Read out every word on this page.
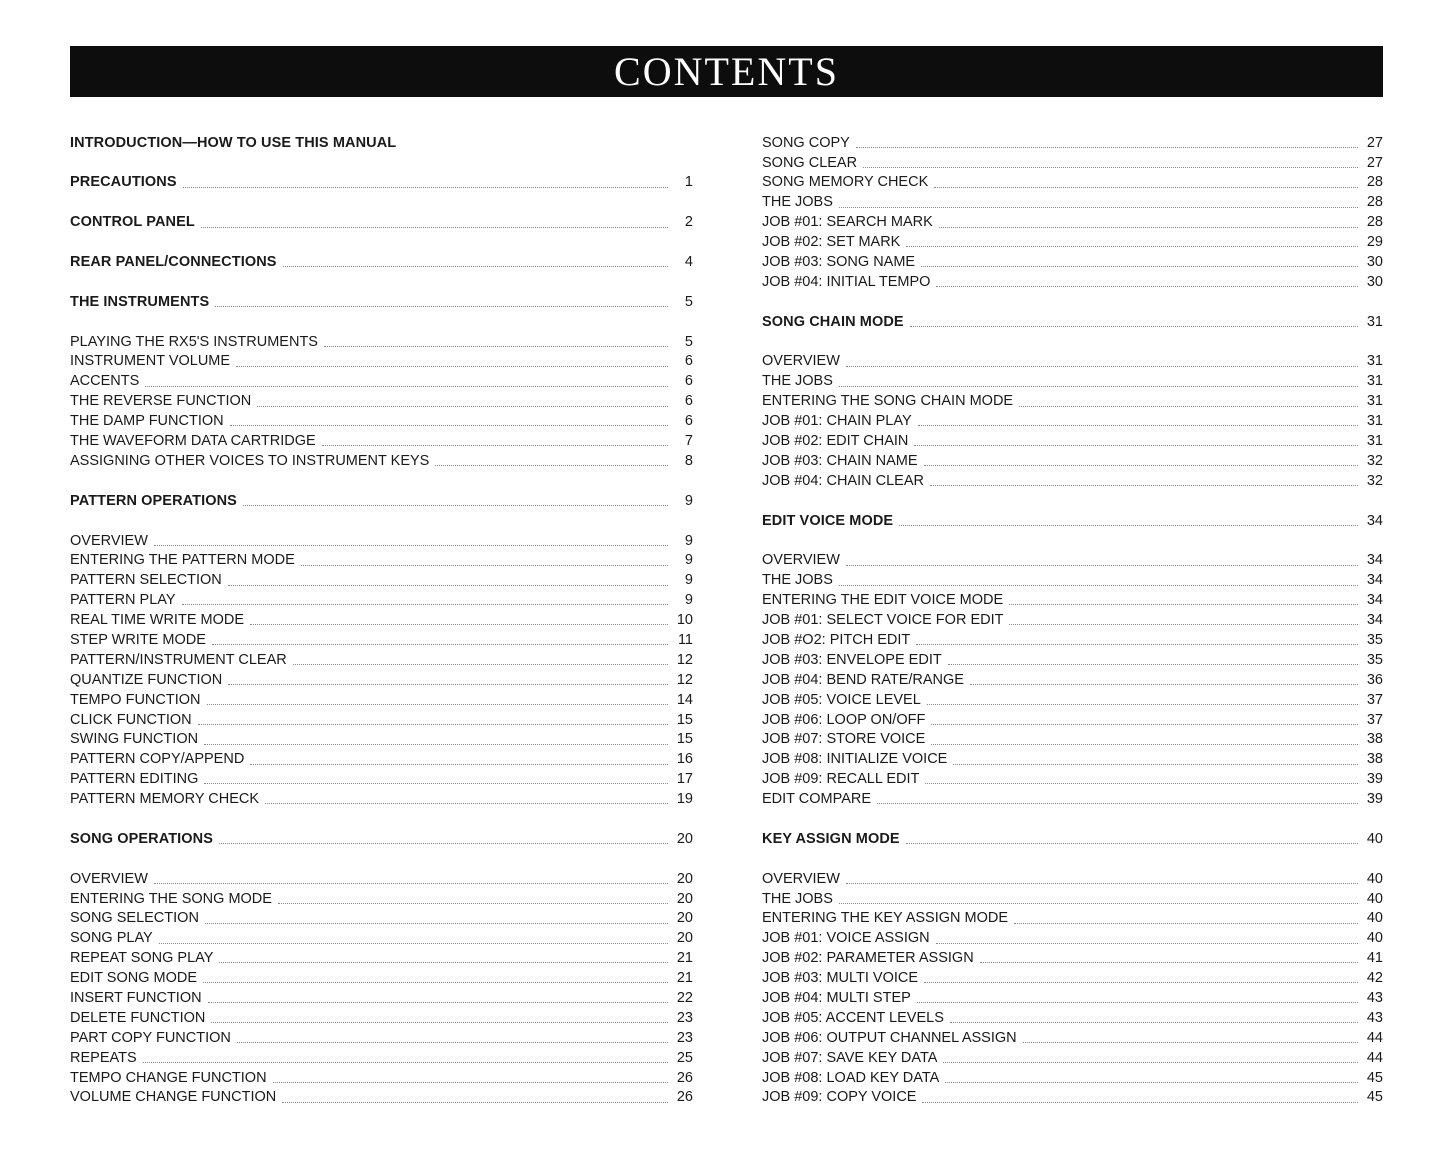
CONTENTS
INTRODUCTION—HOW TO USE THIS MANUAL
PRECAUTIONS	1
CONTROL PANEL	2
REAR PANEL/CONNECTIONS	4
THE INSTRUMENTS	5
PLAYING THE RX5'S INSTRUMENTS	5
INSTRUMENT VOLUME	6
ACCENTS	6
THE REVERSE FUNCTION	6
THE DAMP FUNCTION	6
THE WAVEFORM DATA CARTRIDGE	7
ASSIGNING OTHER VOICES TO INSTRUMENT KEYS	8
PATTERN OPERATIONS	9
OVERVIEW	9
ENTERING THE PATTERN MODE	9
PATTERN SELECTION	9
PATTERN PLAY	9
REAL TIME WRITE MODE	10
STEP WRITE MODE	11
PATTERN/INSTRUMENT CLEAR	12
QUANTIZE FUNCTION	12
TEMPO FUNCTION	14
CLICK FUNCTION	15
SWING FUNCTION	15
PATTERN COPY/APPEND	16
PATTERN EDITING	17
PATTERN MEMORY CHECK	19
SONG OPERATIONS	20
OVERVIEW	20
ENTERING THE SONG MODE	20
SONG SELECTION	20
SONG PLAY	20
REPEAT SONG PLAY	21
EDIT SONG MODE	21
INSERT FUNCTION	22
DELETE FUNCTION	23
PART COPY FUNCTION	23
REPEATS	25
TEMPO CHANGE FUNCTION	26
VOLUME CHANGE FUNCTION	26
SONG COPY	27
SONG CLEAR	27
SONG MEMORY CHECK	28
THE JOBS	28
JOB #01: SEARCH MARK	28
JOB #02: SET MARK	29
JOB #03: SONG NAME	30
JOB #04: INITIAL TEMPO	30
SONG CHAIN MODE	31
OVERVIEW	31
THE JOBS	31
ENTERING THE SONG CHAIN MODE	31
JOB #01: CHAIN PLAY	31
JOB #02: EDIT CHAIN	31
JOB #03: CHAIN NAME	32
JOB #04: CHAIN CLEAR	32
EDIT VOICE MODE	34
OVERVIEW	34
THE JOBS	34
ENTERING THE EDIT VOICE MODE	34
JOB #01: SELECT VOICE FOR EDIT	34
JOB #O2: PITCH EDIT	35
JOB #03: ENVELOPE EDIT	35
JOB #04: BEND RATE/RANGE	36
JOB #05: VOICE LEVEL	37
JOB #06: LOOP ON/OFF	37
JOB #07: STORE VOICE	38
JOB #08: INITIALIZE VOICE	38
JOB #09: RECALL EDIT	39
EDIT COMPARE	39
KEY ASSIGN MODE	40
OVERVIEW	40
THE JOBS	40
ENTERING THE KEY ASSIGN MODE	40
JOB #01: VOICE ASSIGN	40
JOB #02: PARAMETER ASSIGN	41
JOB #03: MULTI VOICE	42
JOB #04: MULTI STEP	43
JOB #05: ACCENT LEVELS	43
JOB #06: OUTPUT CHANNEL ASSIGN	44
JOB #07: SAVE KEY DATA	44
JOB #08: LOAD KEY DATA	45
JOB #09: COPY VOICE	45
